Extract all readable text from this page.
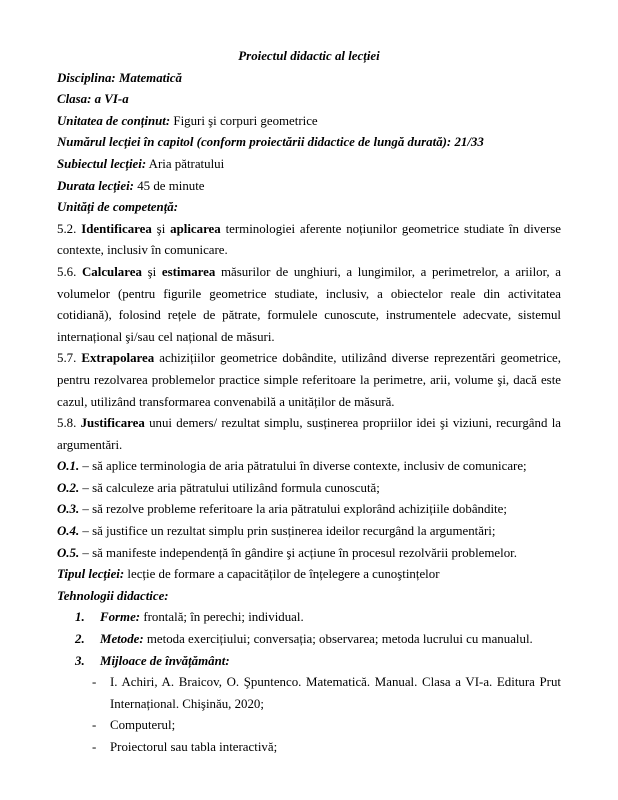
Proiectul didactic al lecției

Disciplina: Matematică

Clasa: a VI-a

Unitatea de conținut: Figuri şi corpuri geometrice

Numărul lecției în capitol (conform proiectării didactice de lungă durată): 21/33

Subiectul lecției: Aria pătratului

Durata lecției: 45 de minute

Unități de competență:

5.2. Identificarea şi aplicarea terminologiei aferente noțiunilor geometrice studiate în diverse contexte, inclusiv în comunicare.

5.6. Calcularea şi estimarea măsurilor de unghiuri, a lungimilor, a perimetrelor, a ariilor, a volumelor (pentru figurile geometrice studiate, inclusiv, a obiectelor reale din activitatea cotidiană), folosind rețele de pătrate, formulele cunoscute, instrumentele adecvate, sistemul internațional şi/sau cel național de măsuri.

5.7. Extrapolarea achizițiilor geometrice dobândite, utilizând diverse reprezentări geometrice, pentru rezolvarea problemelor practice simple referitoare la perimetre, arii, volume şi, dacă este cazul, utilizând transformarea convenabilă a unităților de măsură.

5.8. Justificarea unui demers/ rezultat simplu, susținerea propriilor idei şi viziuni, recurgând la argumentări.

O.1. – să aplice terminologia de aria pătratului în diverse contexte, inclusiv de comunicare;

O.2. – să calculeze aria pătratului utilizând formula cunoscută;

O.3. – să rezolve probleme referitoare la aria pătratului explorând achizițiile dobândite;

O.4. – să justifice un rezultat simplu prin susținerea ideilor recurgând la argumentări;

O.5. – să manifeste independență în gândire şi acțiune în procesul rezolvării problemelor.

Tipul lecției: lecție de formare a capacităților de înțelegere a cunoştințelor

Tehnologii didactice:

1. Forme: frontală; în perechi; individual.

2. Metode: metoda exercițiului; conversația; observarea; metoda lucrului cu manualul.

3. Mijloace de învățământ:

-	I. Achiri, A. Braicov, O. Şpuntenco. Matematică. Manual. Clasa a VI-a. Editura Prut Internațional. Chişinău, 2020;

-	Computerul;

-	Proiectorul sau tabla interactivă;
